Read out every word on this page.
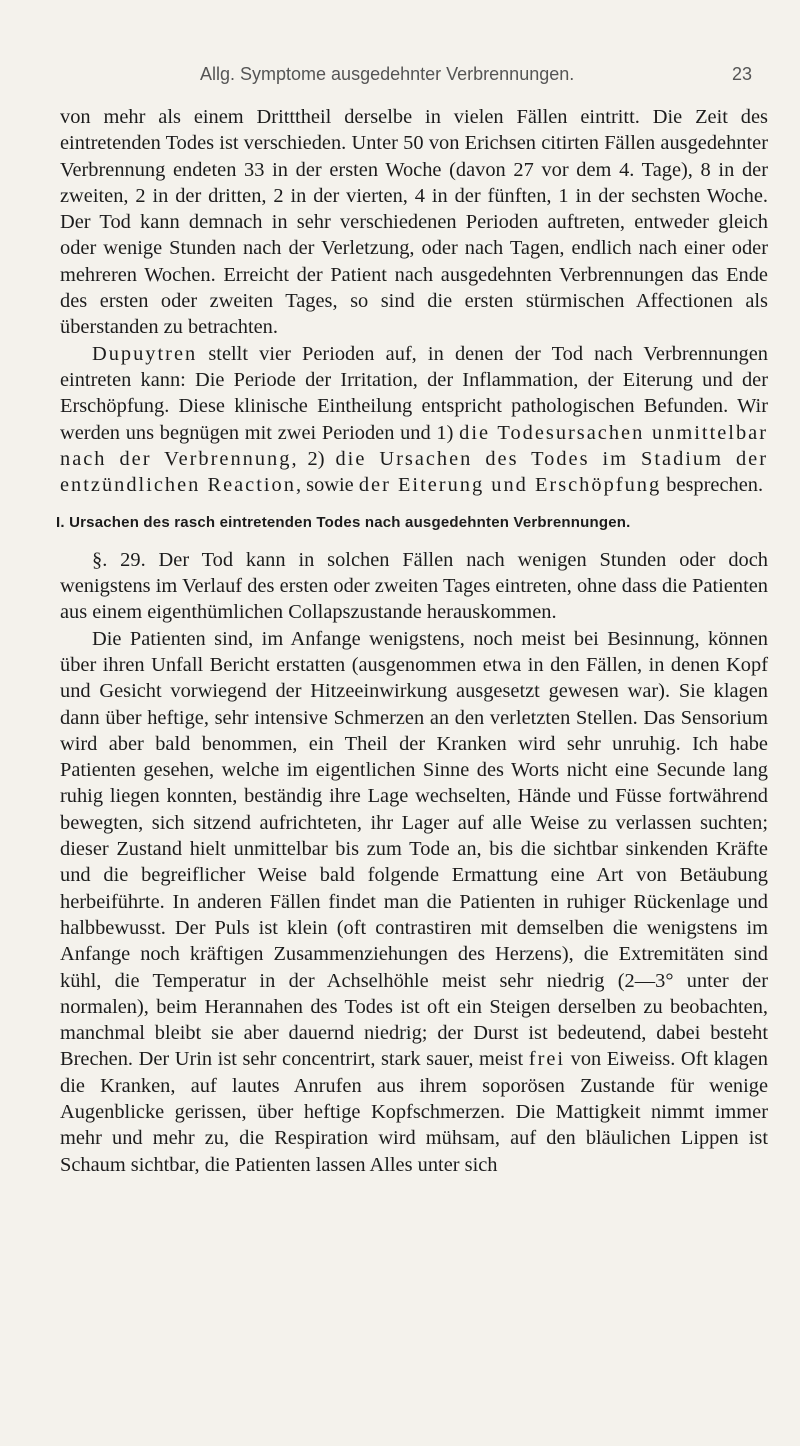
Allg. Symptome ausgedehnter Verbrennungen.	23

von mehr als einem Dritttheil derselbe in vielen Fällen eintritt. Die Zeit des eintretenden Todes ist verschieden. Unter 50 von Erichsen citirten Fällen ausgedehnter Verbrennung endeten 33 in der ersten Woche (davon 27 vor dem 4. Tage), 8 in der zweiten, 2 in der dritten, 2 in der vierten, 4 in der fünften, 1 in der sechsten Woche. Der Tod kann demnach in sehr verschiedenen Perioden auftreten, entweder gleich oder wenige Stunden nach der Verletzung, oder nach Tagen, endlich nach einer oder mehreren Wochen. Erreicht der Patient nach ausgedehnten Verbrennungen das Ende des ersten oder zweiten Tages, so sind die ersten stürmischen Affectionen als überstanden zu betrachten.

Dupuytren stellt vier Perioden auf, in denen der Tod nach Verbrennungen eintreten kann: Die Periode der Irritation, der Inflammation, der Eiterung und der Erschöpfung. Diese klinische Eintheilung entspricht pathologischen Befunden. Wir werden uns begnügen mit zwei Perioden und 1) die Todesursachen unmittelbar nach der Verbrennung, 2) die Ursachen des Todes im Stadium der entzündlichen Reaction, sowie der Eiterung und Erschöpfung besprechen.

I. Ursachen des rasch eintretenden Todes nach ausgedehnten Verbrennungen.

§. 29. Der Tod kann in solchen Fällen nach wenigen Stunden oder doch wenigstens im Verlauf des ersten oder zweiten Tages eintreten, ohne dass die Patienten aus einem eigenthümlichen Collapszustande herauskommen.

Die Patienten sind, im Anfange wenigstens, noch meist bei Besinnung, können über ihren Unfall Bericht erstatten (ausgenommen etwa in den Fällen, in denen Kopf und Gesicht vorwiegend der Hitzeeinwirkung ausgesetzt gewesen war). Sie klagen dann über heftige, sehr intensive Schmerzen an den verletzten Stellen. Das Sensorium wird aber bald benommen, ein Theil der Kranken wird sehr unruhig. Ich habe Patienten gesehen, welche im eigentlichen Sinne des Worts nicht eine Secunde lang ruhig liegen konnten, beständig ihre Lage wechselten, Hände und Füsse fortwährend bewegten, sich sitzend aufrichteten, ihr Lager auf alle Weise zu verlassen suchten; dieser Zustand hielt unmittelbar bis zum Tode an, bis die sichtbar sinkenden Kräfte und die begreiflicher Weise bald folgende Ermattung eine Art von Betäubung herbeiführte. In anderen Fällen findet man die Patienten in ruhiger Rückenlage und halbbewusst. Der Puls ist klein (oft contrastiren mit demselben die wenigstens im Anfange noch kräftigen Zusammenziehungen des Herzens), die Extremitäten sind kühl, die Temperatur in der Achselhöhle meist sehr niedrig (2—3° unter der normalen), beim Herannahen des Todes ist oft ein Steigen derselben zu beobachten, manchmal bleibt sie aber dauernd niedrig; der Durst ist bedeutend, dabei besteht Brechen. Der Urin ist sehr concentrirt, stark sauer, meist frei von Eiweiss. Oft klagen die Kranken, auf lautes Anrufen aus ihrem soporösen Zustande für wenige Augenblicke gerissen, über heftige Kopfschmerzen. Die Mattigkeit nimmt immer mehr und mehr zu, die Respiration wird mühsam, auf den bläulichen Lippen ist Schaum sichtbar, die Patienten lassen Alles unter sich
